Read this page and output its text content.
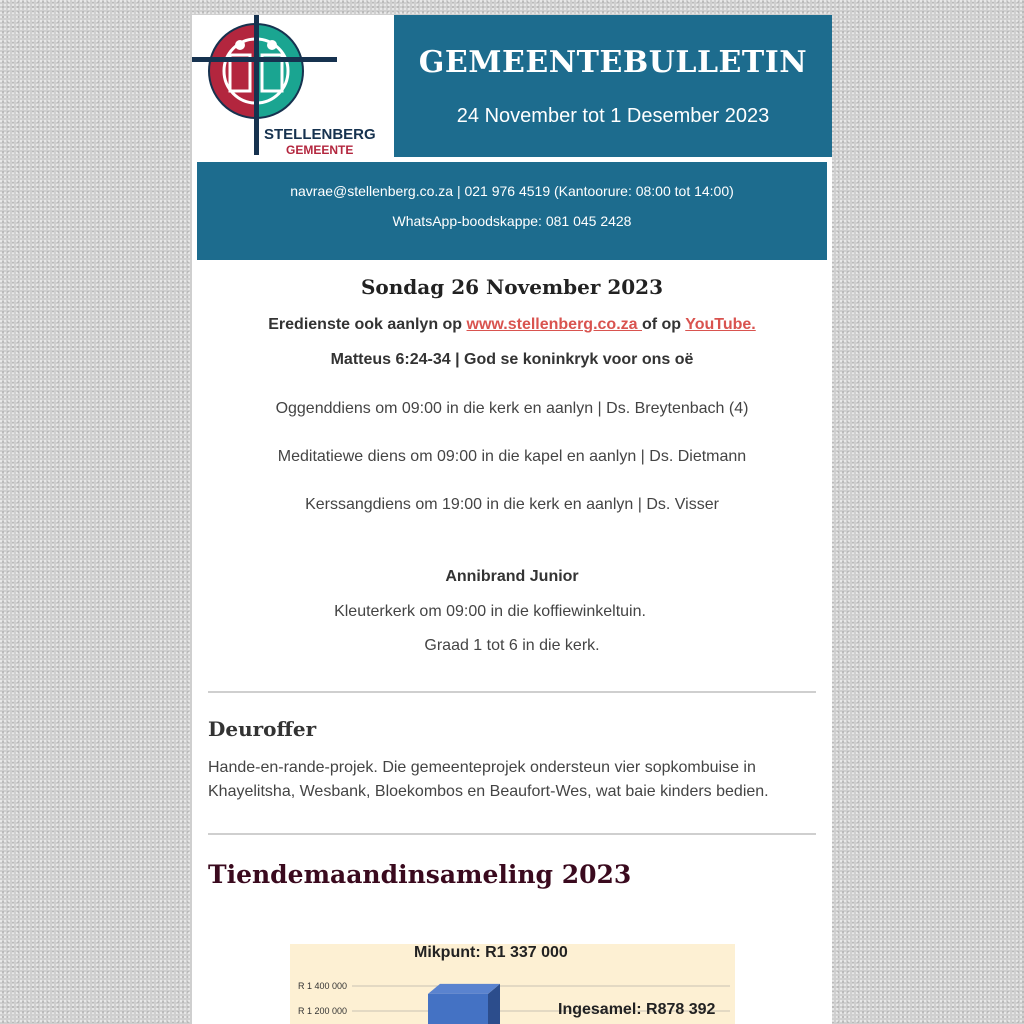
STELLENBERG
GEMEENTE
GEMEENTEBULLETIN
24 November tot 1 Desember 2023
navrae@stellenberg.co.za | 021 976 4519 (Kantoorure: 08:00 tot 14:00)
WhatsApp-boodskappe: 081 045 2428
Sondag 26 November 2023
Eredienste ook aanlyn op www.stellenberg.co.za of op YouTube.
Matteus 6:24-34 | God se koninkryk voor ons oë
Oggenddiens om 09:00 in die kerk en aanlyn | Ds. Breytenbach (4)
Meditatiewe diens om 09:00 in die kapel en aanlyn | Ds. Dietmann
Kerssangdiens om 19:00 in die kerk en aanlyn | Ds. Visser
Annibrand Junior
Kleuterkerk om 09:00 in die koffiewinkeltuin.
Graad 1 tot 6 in die kerk.
Deuroffer
Hande-en-rande-projek. Die gemeenteprojek ondersteun vier sopkombuise in Khayelitsha, Wesbank, Bloekombos en Beaufort-Wes, wat baie kinders bedien.
Tiendemaandinsameling 2023
R 1 400 000
R 1 200 000
Mikpunt: R1 337 000
Ingesamel: R878 392
